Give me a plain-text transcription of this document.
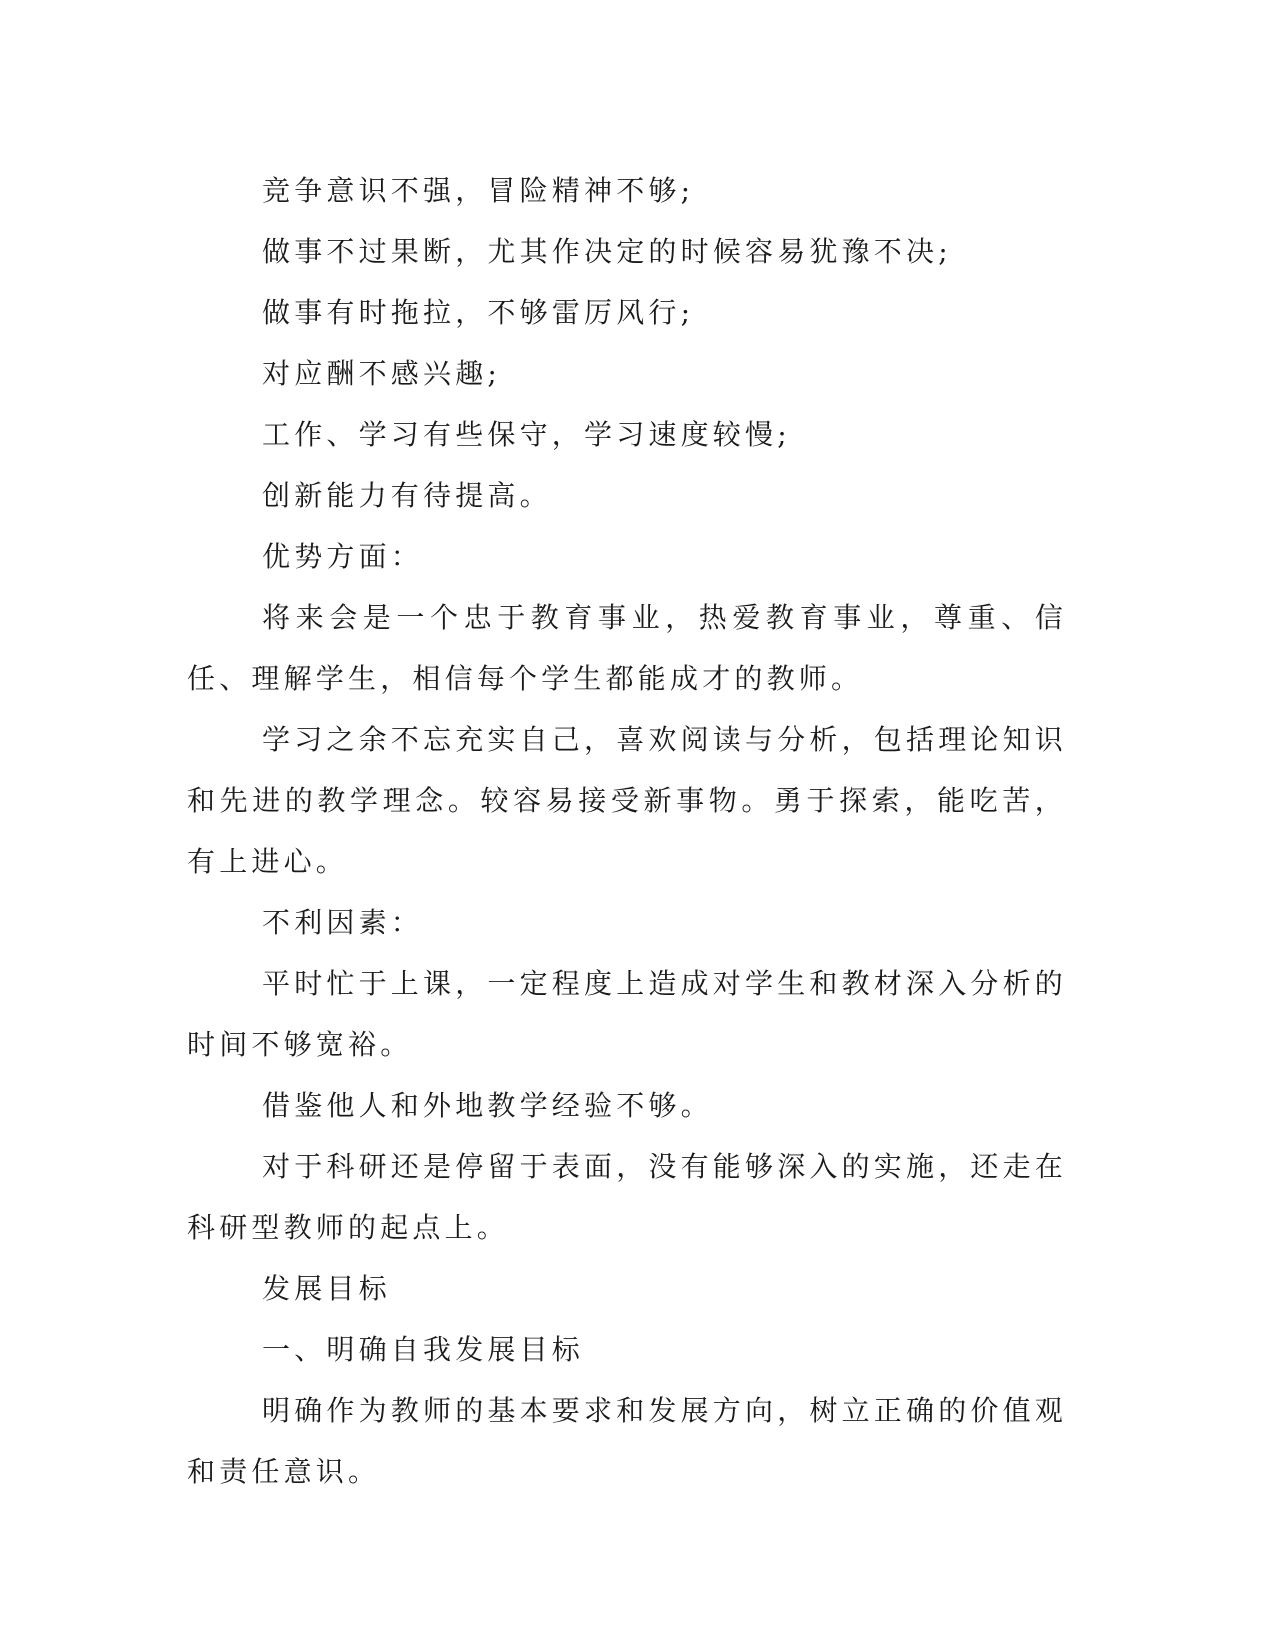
竞争意识不强，冒险精神不够;

做事不过果断，尤其作决定的时候容易犹豫不决;

做事有时拖拉，不够雷厉风行;

对应酬不感兴趣;

工作、学习有些保守，学习速度较慢;

创新能力有待提高。

优势方面：

将来会是一个忠于教育事业，热爱教育事业，尊重、信任、理解学生，相信每个学生都能成才的教师。

学习之余不忘充实自己，喜欢阅读与分析，包括理论知识和先进的教学理念。较容易接受新事物。勇于探索，能吃苦，有上进心。

不利因素：

平时忙于上课，一定程度上造成对学生和教材深入分析的时间不够宽裕。

借鉴他人和外地教学经验不够。

对于科研还是停留于表面，没有能够深入的实施，还走在科研型教师的起点上。

发展目标

一、明确自我发展目标

明确作为教师的基本要求和发展方向，树立正确的价值观和责任意识。
